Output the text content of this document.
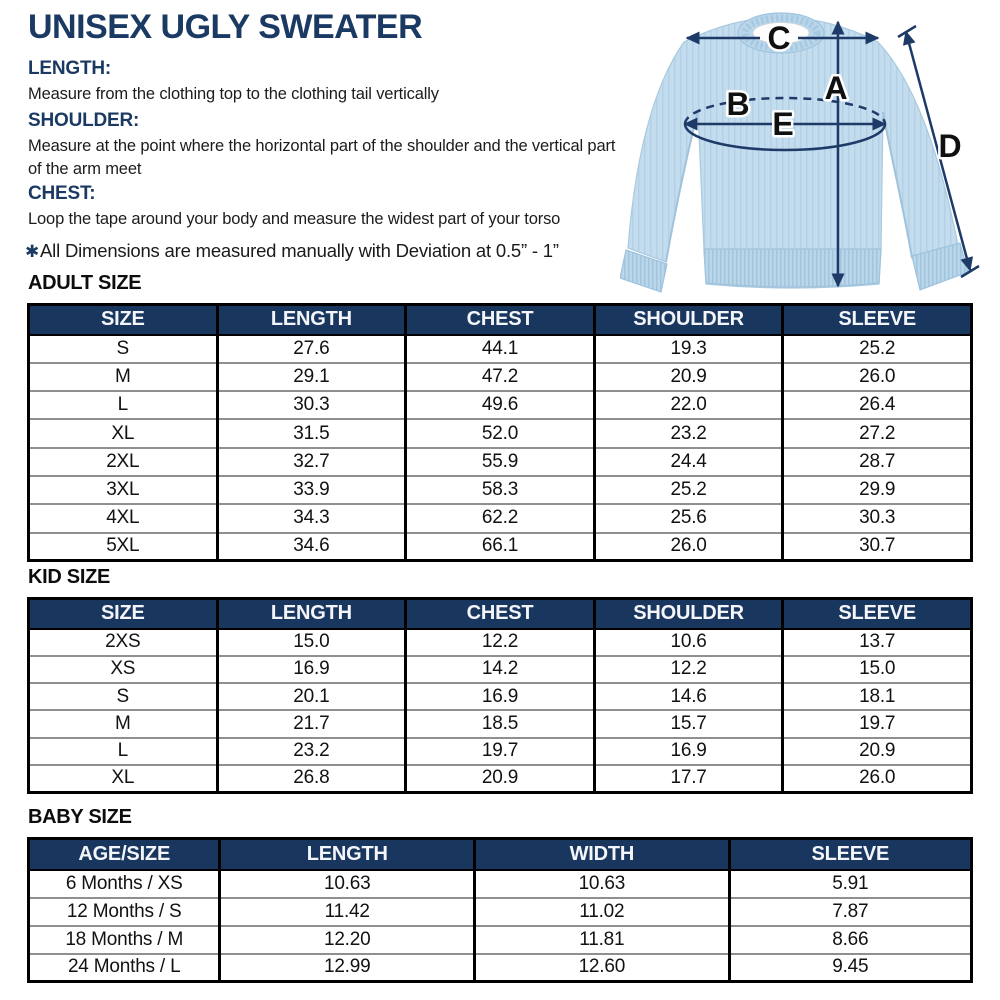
UNISEX UGLY SWEATER
LENGTH:
Measure from the clothing top to the clothing tail vertically
SHOULDER:
Measure at the point where the horizontal part of the shoulder and the vertical part of the arm meet
CHEST:
Loop the tape around your body and measure the widest part of your torso
✱All Dimensions are measured manually with Deviation at 0.5” - 1”
C
A
B
E
D
ADULT SIZE
SIZE	LENGTH	CHEST	SHOULDER	SLEEVE
S	27.6	44.1	19.3	25.2
M	29.1	47.2	20.9	26.0
L	30.3	49.6	22.0	26.4
XL	31.5	52.0	23.2	27.2
2XL	32.7	55.9	24.4	28.7
3XL	33.9	58.3	25.2	29.9
4XL	34.3	62.2	25.6	30.3
5XL	34.6	66.1	26.0	30.7
KID SIZE
SIZE	LENGTH	CHEST	SHOULDER	SLEEVE
2XS	15.0	12.2	10.6	13.7
XS	16.9	14.2	12.2	15.0
S	20.1	16.9	14.6	18.1
M	21.7	18.5	15.7	19.7
L	23.2	19.7	16.9	20.9
XL	26.8	20.9	17.7	26.0
BABY SIZE
AGE/SIZE	LENGTH	WIDTH	SLEEVE
6 Months / XS	10.63	10.63	5.91
12 Months / S	11.42	11.02	7.87
18 Months / M	12.20	11.81	8.66
24 Months / L	12.99	12.60	9.45
